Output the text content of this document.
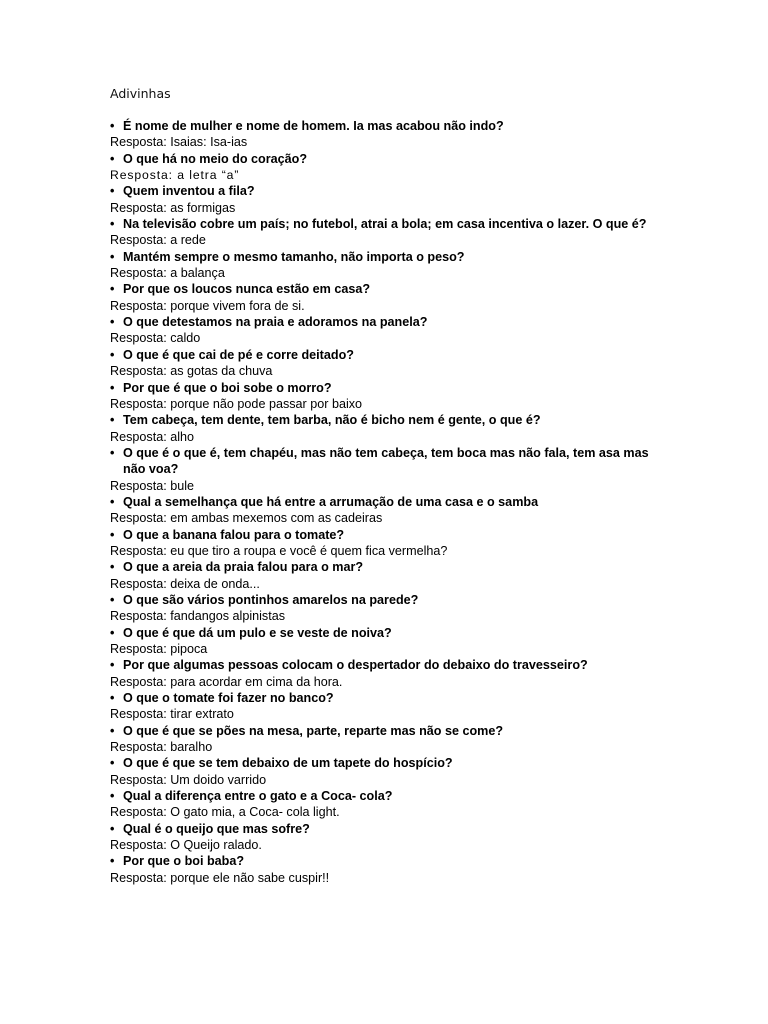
Adivinhas
• É nome de mulher e nome de homem. Ia mas acabou não indo?
Resposta: Isaias: Isa-ias
• O que há no meio do coração?
Resposta: a letra “a”
• Quem inventou a fila?
Resposta: as formigas
• Na televisão cobre um país; no futebol, atrai a bola; em casa incentiva o lazer. O que é?
Resposta: a rede
• Mantém sempre o mesmo tamanho, não importa o peso?
Resposta: a balança
• Por que os loucos nunca estão em casa?
Resposta: porque vivem fora de si.
• O que detestamos na praia e adoramos na panela?
Resposta: caldo
• O que é que cai de pé e corre deitado?
Resposta: as gotas da chuva
• Por que é que o boi sobe o morro?
Resposta: porque não pode passar por baixo
• Tem cabeça, tem dente, tem barba, não é bicho nem é gente, o que é?
Resposta: alho
• O que é o que é, tem chapéu, mas não tem cabeça, tem boca mas não fala, tem asa mas não voa?
Resposta: bule
• Qual a semelhança que há entre a arrumação de uma casa e o samba
Resposta: em ambas mexemos com as cadeiras
• O que a banana falou para o tomate?
Resposta: eu que tiro a roupa e você é quem fica vermelha?
• O que a areia da praia falou para o mar?
Resposta: deixa de onda...
• O que são vários pontinhos amarelos na parede?
Resposta: fandangos alpinistas
• O que é que dá um pulo e se veste de noiva?
Resposta: pipoca
• Por que algumas pessoas colocam o despertador do debaixo do travesseiro?
Resposta: para acordar em cima da hora.
• O que o tomate foi fazer no banco?
Resposta: tirar extrato
• O que é que se pões na mesa, parte, reparte mas não se come?
Resposta: baralho
• O que é que se tem debaixo de um tapete do hospício?
Resposta: Um doido varrido
• Qual a diferença entre o gato e a Coca- cola?
Resposta: O gato mia, a Coca- cola light.
• Qual é o queijo que mas sofre?
Resposta: O Queijo ralado.
• Por que o boi baba?
Resposta: porque ele não sabe cuspir!!
